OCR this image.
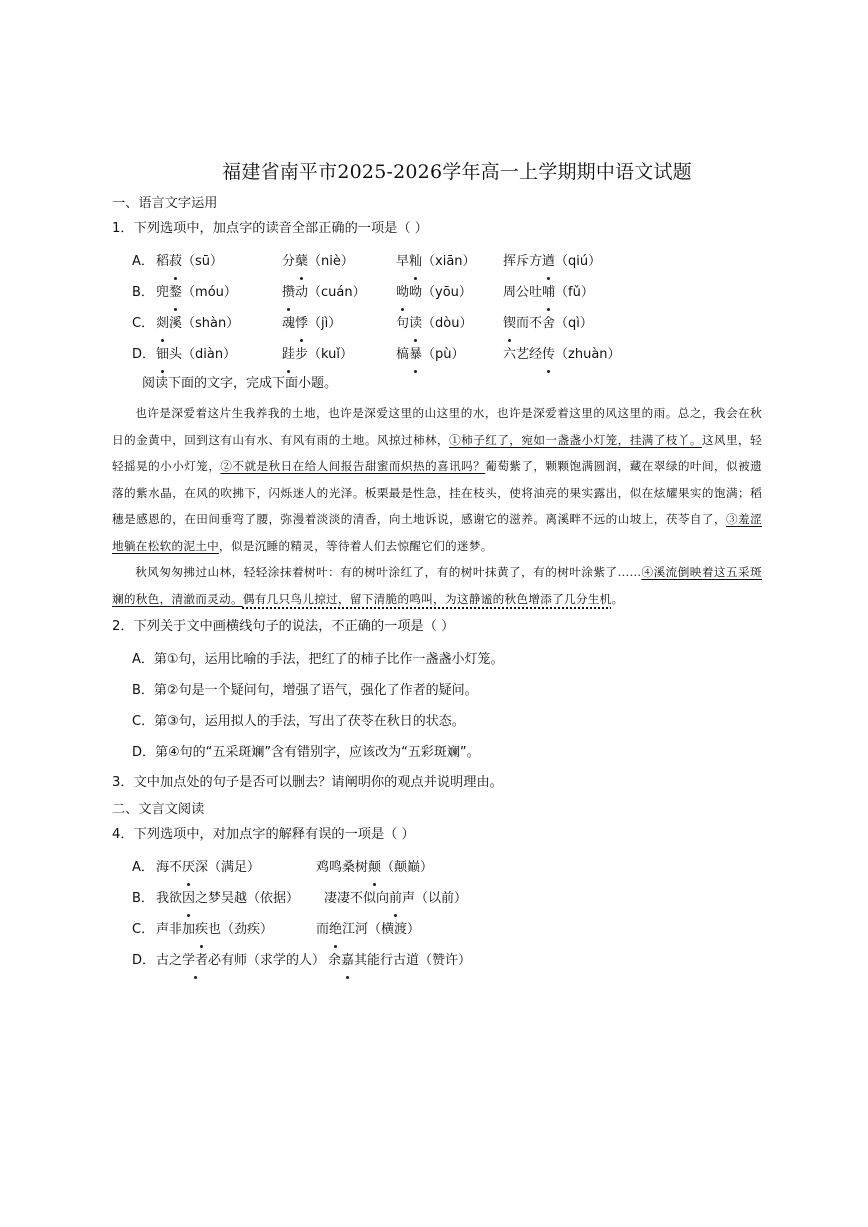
福建省南平市2025-2026学年高一上学期期中语文试题
一、语言文字运用
1．下列选项中，加点字的读音全部正确的一项是（ ）
A． 稻菽（sū）	分蘖（niè）	早籼（xiān） 挥斥方遒（qiú）
B． 兜鍪（móu）	攒动（cuán） 呦呦（yōu） 周公吐哺（fǔ）
C． 剡溪（shàn）	魂悸（jì）	句读（dòu） 锲而不舍（qì）
D．钿头（diàn）	跬步（kuǐ）	槁暴（pù）	六艺经传（zhuàn）
阅读下面的文字，完成下面小题。

也许是深爱着这片生我养我的土地，也许是深爱这里的山这里的水，也许是深爱着这里的风这里的雨。总之，我会在秋日的金黄中，回到这有山有水、有风有雨的土地。风掠过柿林，①柿子红了，宛如一盏盏小灯笼，挂满了枝丫。这风里，轻轻摇晃的小小灯笼，②不就是秋日在给人间报告甜蜜而炽热的喜讯吗？葡萄紫了，颗颗饱满圆润，藏在翠绿的叶间，似被遗落的紫水晶，在风的吹拂下，闪烁迷人的光泽。板栗最是性急，挂在枝头，使将油亮的果实露出，似在炫耀果实的饱满；稻穗是感恩的，在田间垂弯了腰，弥漫着淡淡的清香，向土地诉说，感谢它的滋养。离溪畔不远的山坡上，茯苓自了，③羞涩地躺在松软的泥土中，似是沉睡的精灵，等待着人们去惊醒它们的迷梦。

秋风匆匆拂过山林，轻轻涂抹着树叶：有的树叶涂红了，有的树叶抹黄了，有的树叶涂紫了……④溪流倒映着这五采斑斓的秋色，清澈而灵动。偶有几只鸟儿掠过，留下清脆的鸣叫，为这静谧的秋色增添了几分生机。

2．下列关于文中画横线句子的说法，不正确的一项是（ ）
A．第①句，运用比喻的手法，把红了的柿子比作一盏盏小灯笼。
B．第②句是一个疑问句，增强了语气，强化了作者的疑问。
C．第③句，运用拟人的手法，写出了茯苓在秋日的状态。
D．第④句的“五采斑斓”含有错别字，应该改为“五彩斑斓”。
3．文中加点处的句子是否可以删去？请阐明你的观点并说明理由。
二、文言文阅读
4．下列选项中，对加点字的解释有误的一项是（ ）
A． 海不厌深（满足）	鸡鸣桑树颠（颠巅）
B． 我欲因之梦吴越（依据） 凄凄不似向前声（以前）
C． 声非加疾也（劲疾）	而绝江河（横渡）
D．古之学者必有师（求学的人） 余嘉其能行古道（赞许）
